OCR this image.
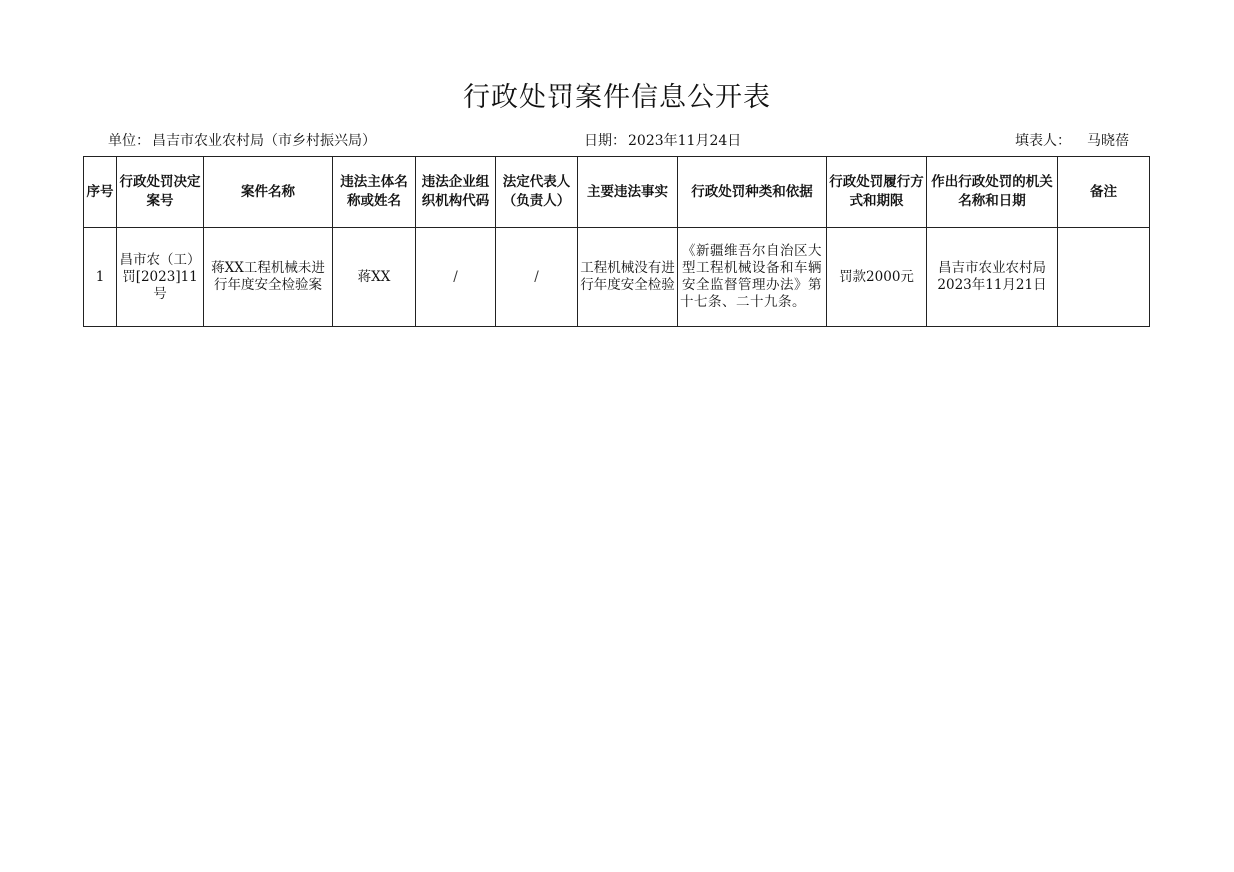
行政处罚案件信息公开表
单位： 昌吉市农业农村局（市乡村振兴局）	日期： 2023年11月24日	填表人： 马晓蓓
序号	行政处罚决定案号	案件名称	违法主体名称或姓名	违法企业组织机构代码	法定代表人（负责人）	主要违法事实	行政处罚种类和依据	行政处罚履行方式和期限	作出行政处罚的机关名称和日期	备注
1	昌市农（工）罚[2023]11号	蒋XX工程机械未进行年度安全检验案	蒋XX	/	/	工程机械没有进行年度安全检验	《新疆维吾尔自治区大型工程机械设备和车辆安全监督管理办法》第十七条、二十九条。	罚款2000元	昌吉市农业农村局2023年11月21日	
